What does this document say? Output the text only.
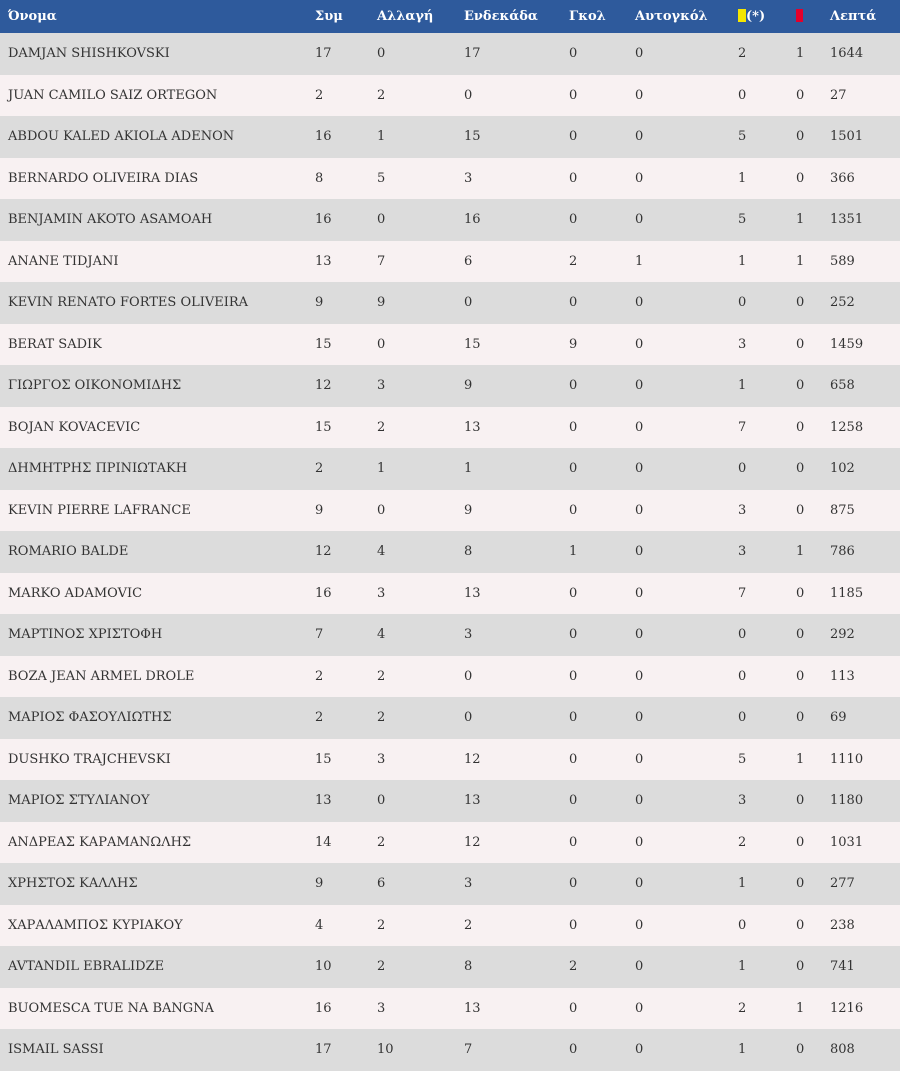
Όνομα	Συμ	Αλλαγή	Ενδεκάδα	Γκολ	Αυτογκόλ	(*)		Λεπτά
DAMJAN SHISHKOVSKI	17	0	17	0	0	2	1	1644
JUAN CAMILO SAIZ ORTEGON	2	2	0	0	0	0	0	27
ABDOU KALED AKIOLA ADENON	16	1	15	0	0	5	0	1501
BERNARDO OLIVEIRA DIAS	8	5	3	0	0	1	0	366
BENJAMIN AKOTO ASAMOAH	16	0	16	0	0	5	1	1351
ANANE TIDJANI	13	7	6	2	1	1	1	589
KEVIN RENATO FORTES OLIVEIRA	9	9	0	0	0	0	0	252
BERAT SADIK	15	0	15	9	0	3	0	1459
ΓΙΩΡΓΟΣ ΟΙΚΟΝΟΜΙΔΗΣ	12	3	9	0	0	1	0	658
BOJAN KOVACEVIC	15	2	13	0	0	7	0	1258
ΔΗΜΗΤΡΗΣ ΠΡΙΝΙΩΤΑΚΗ	2	1	1	0	0	0	0	102
KEVIN PIERRE LAFRANCE	9	0	9	0	0	3	0	875
ROMARIO BALDE	12	4	8	1	0	3	1	786
MARKO ADAMOVIC	16	3	13	0	0	7	0	1185
ΜΑΡΤΙΝΟΣ ΧΡΙΣΤΟΦΗ	7	4	3	0	0	0	0	292
BOZA JEAN ARMEL DROLE	2	2	0	0	0	0	0	113
ΜΑΡΙΟΣ ΦΑΣΟΥΛΙΩΤΗΣ	2	2	0	0	0	0	0	69
DUSHKO TRAJCHEVSKI	15	3	12	0	0	5	1	1110
ΜΑΡΙΟΣ ΣΤΥΛΙΑΝΟΥ	13	0	13	0	0	3	0	1180
ΑΝΔΡΕΑΣ ΚΑΡΑΜΑΝΩΛΗΣ	14	2	12	0	0	2	0	1031
ΧΡΗΣΤΟΣ ΚΑΛΛΗΣ	9	6	3	0	0	1	0	277
ΧΑΡΑΛΑΜΠΟΣ ΚΥΡΙΑΚΟΥ	4	2	2	0	0	0	0	238
AVTANDIL EBRALIDZE	10	2	8	2	0	1	0	741
BUOMESCA TUE NA BANGNA	16	3	13	0	0	2	1	1216
ISMAIL SASSI	17	10	7	0	0	1	0	808
